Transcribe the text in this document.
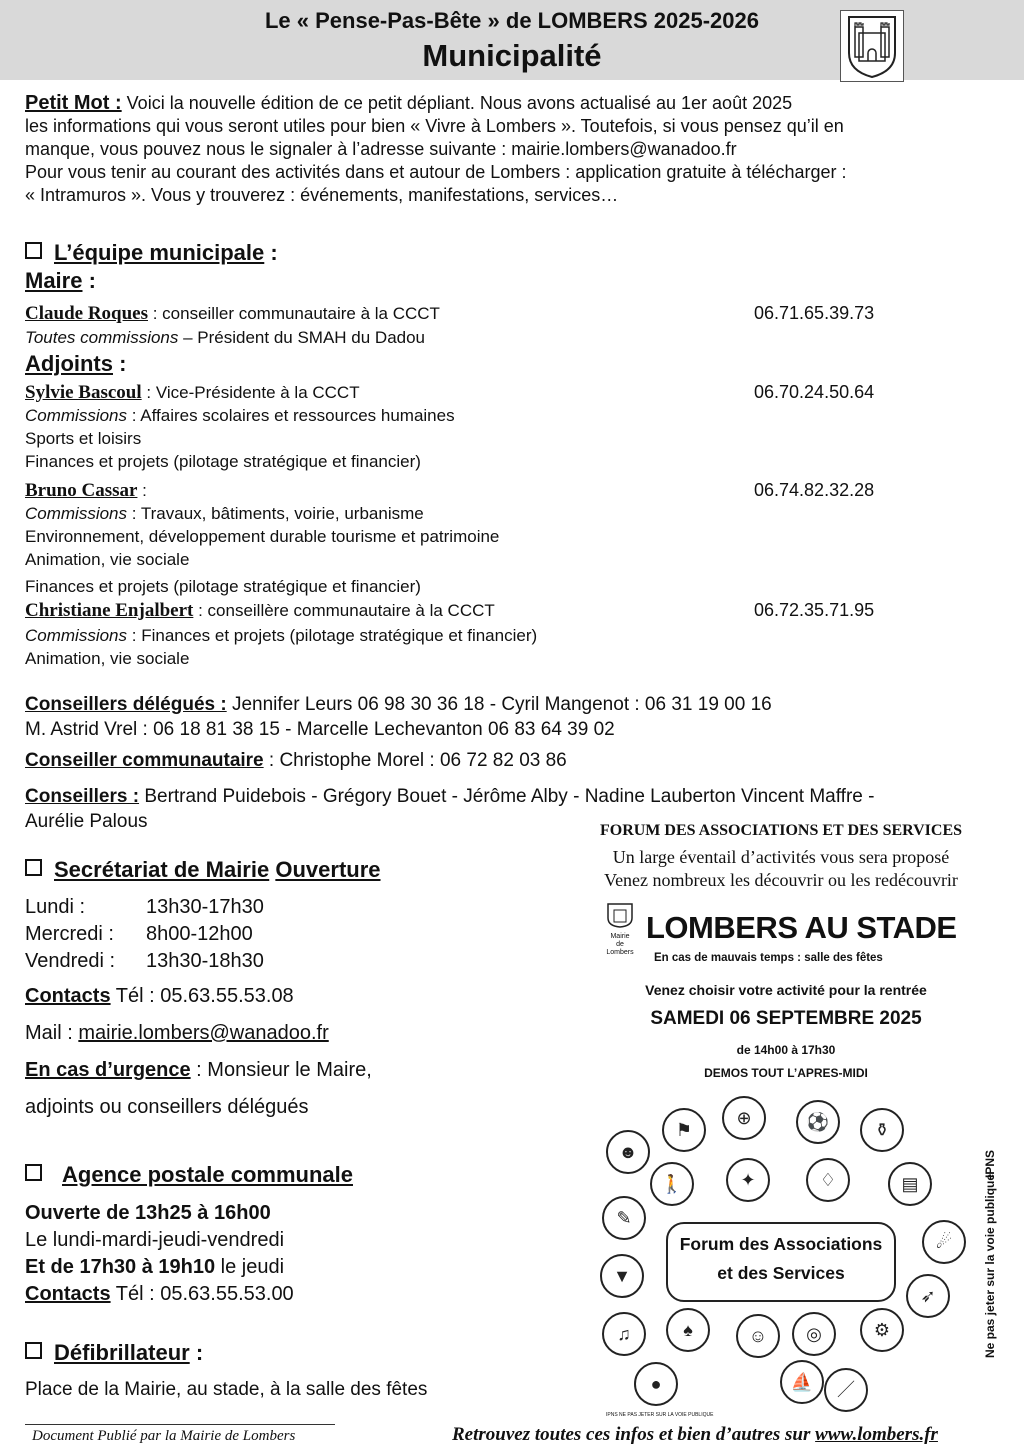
Le « Pense-Pas-Bête » de LOMBERS 2025-2026
Municipalité
Petit Mot : Voici la nouvelle édition de ce petit dépliant. Nous avons actualisé au 1er août 2025
les informations qui vous seront utiles pour bien « Vivre à Lombers ». Toutefois, si vous pensez qu’il en
manque, vous pouvez nous le signaler à l’adresse suivante : mairie.lombers@wanadoo.fr
Pour vous tenir au courant des activités dans et autour de Lombers : application gratuite à télécharger :
« Intramuros ». Vous y trouverez : événements, manifestations, services…
L’équipe municipale :
Maire :
Claude Roques : conseiller communautaire à la CCCT	06.71.65.39.73
Toutes commissions – Président du SMAH du Dadou
Adjoints :
Sylvie Bascoul : Vice-Présidente à la CCCT	06.70.24.50.64
Commissions : Affaires scolaires et ressources humaines
Sports et loisirs
Finances et projets (pilotage stratégique et financier)
Bruno Cassar :	06.74.82.32.28
Commissions : Travaux, bâtiments, voirie, urbanisme
Environnement, développement durable tourisme et patrimoine
Animation, vie sociale
Finances et projets (pilotage stratégique et financier)
Christiane Enjalbert : conseillère communautaire à la CCCT	06.72.35.71.95
Commissions : Finances et projets (pilotage stratégique et financier)
Animation, vie sociale
Conseillers délégués : Jennifer Leurs 06 98 30 36 18 - Cyril Mangenot : 06 31 19 00 16
M. Astrid Vrel : 06 18 81 38 15 - Marcelle Lechevanton 06 83 64 39 02
Conseiller communautaire : Christophe Morel : 06 72 82 03 86
Conseillers : Bertrand Puidebois - Grégory Bouet - Jérôme Alby - Nadine Lauberton Vincent Maffre -
Aurélie Palous
Secrétariat de Mairie Ouverture
Lundi :	13h30-17h30
Mercredi : 8h00-12h00
Vendredi : 13h30-18h30
Contacts Tél : 05.63.55.53.08
Mail : mairie.lombers@wanadoo.fr
En cas d’urgence : Monsieur le Maire,
adjoints ou conseillers délégués
Agence postale communale
Ouverte de 13h25 à 16h00
Le lundi-mardi-jeudi-vendredi
Et de 17h30 à 19h10 le jeudi
Contacts Tél : 05.63.55.53.00
Défibrillateur :
Place de la Mairie, au stade, à la salle des fêtes
FORUM DES ASSOCIATIONS ET DES SERVICES
Un large éventail d’activités vous sera proposé
Venez nombreux les découvrir ou les redécouvrir
Mairie
de
Lombers
LOMBERS AU STADE
En cas de mauvais temps : salle des fêtes
Venez choisir votre activité pour la rentrée
SAMEDI 06 SEPTEMBRE 2025
de 14h00 à 17h30
DEMOS TOUT L’APRES-MIDI
⚑
⊕	⚽	⚱
☻
🚶	✦	♢	▤
✎
☄
▼
➶
♫	♠	☺	◎	⚙
●	⛵	／
Forum des Associations
et des Services
IPNS NE PAS JETER SUR LA VOIE PUBLIQUE
IPNS
Ne pas jeter sur la voie publique
Document Publié par la Mairie de Lombers	Retrouvez toutes ces infos et bien d’autres sur www.lombers.fr
